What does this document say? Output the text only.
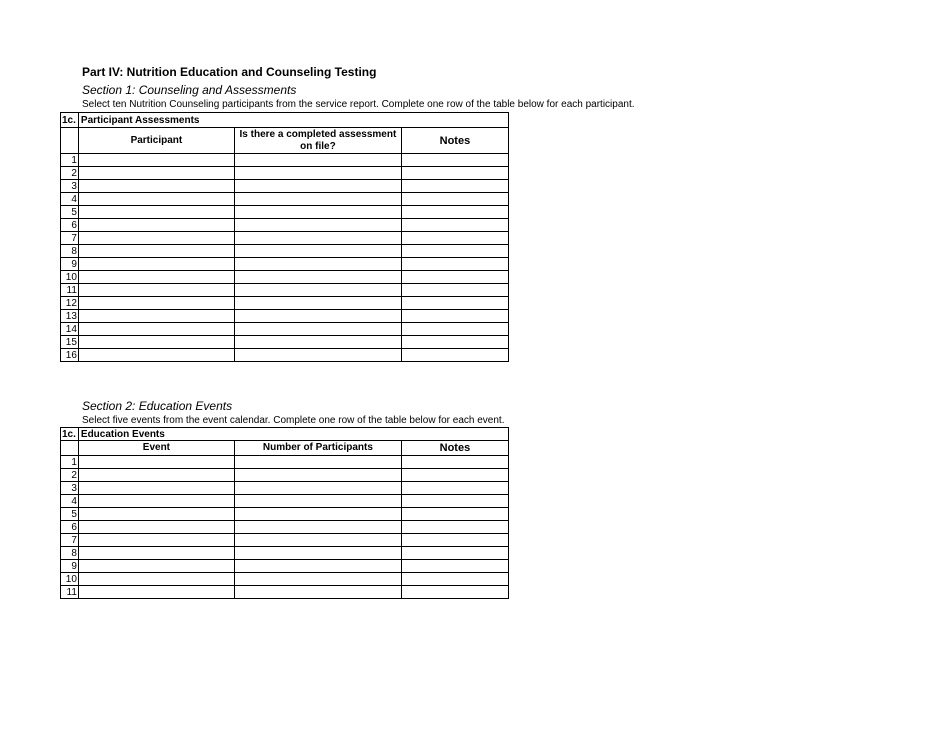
Part IV: Nutrition Education and Counseling Testing
Section 1: Counseling and Assessments
Select ten Nutrition Counseling participants from the service report. Complete one row of the table below for each participant.
1c.	Participant Assessments		
	Participant	Is there a completed assessment on file?	Notes
1			
2			
3			
4			
5			
6			
7			
8			
9			
10			
11			
12			
13			
14			
15			
16			
Section 2: Education Events
Select five events from the event calendar. Complete one row of the table below for each event.
1c.	Education Events		
	Event	Number of Participants	Notes
1			
2			
3			
4			
5			
6			
7			
8			
9			
10			
11			
